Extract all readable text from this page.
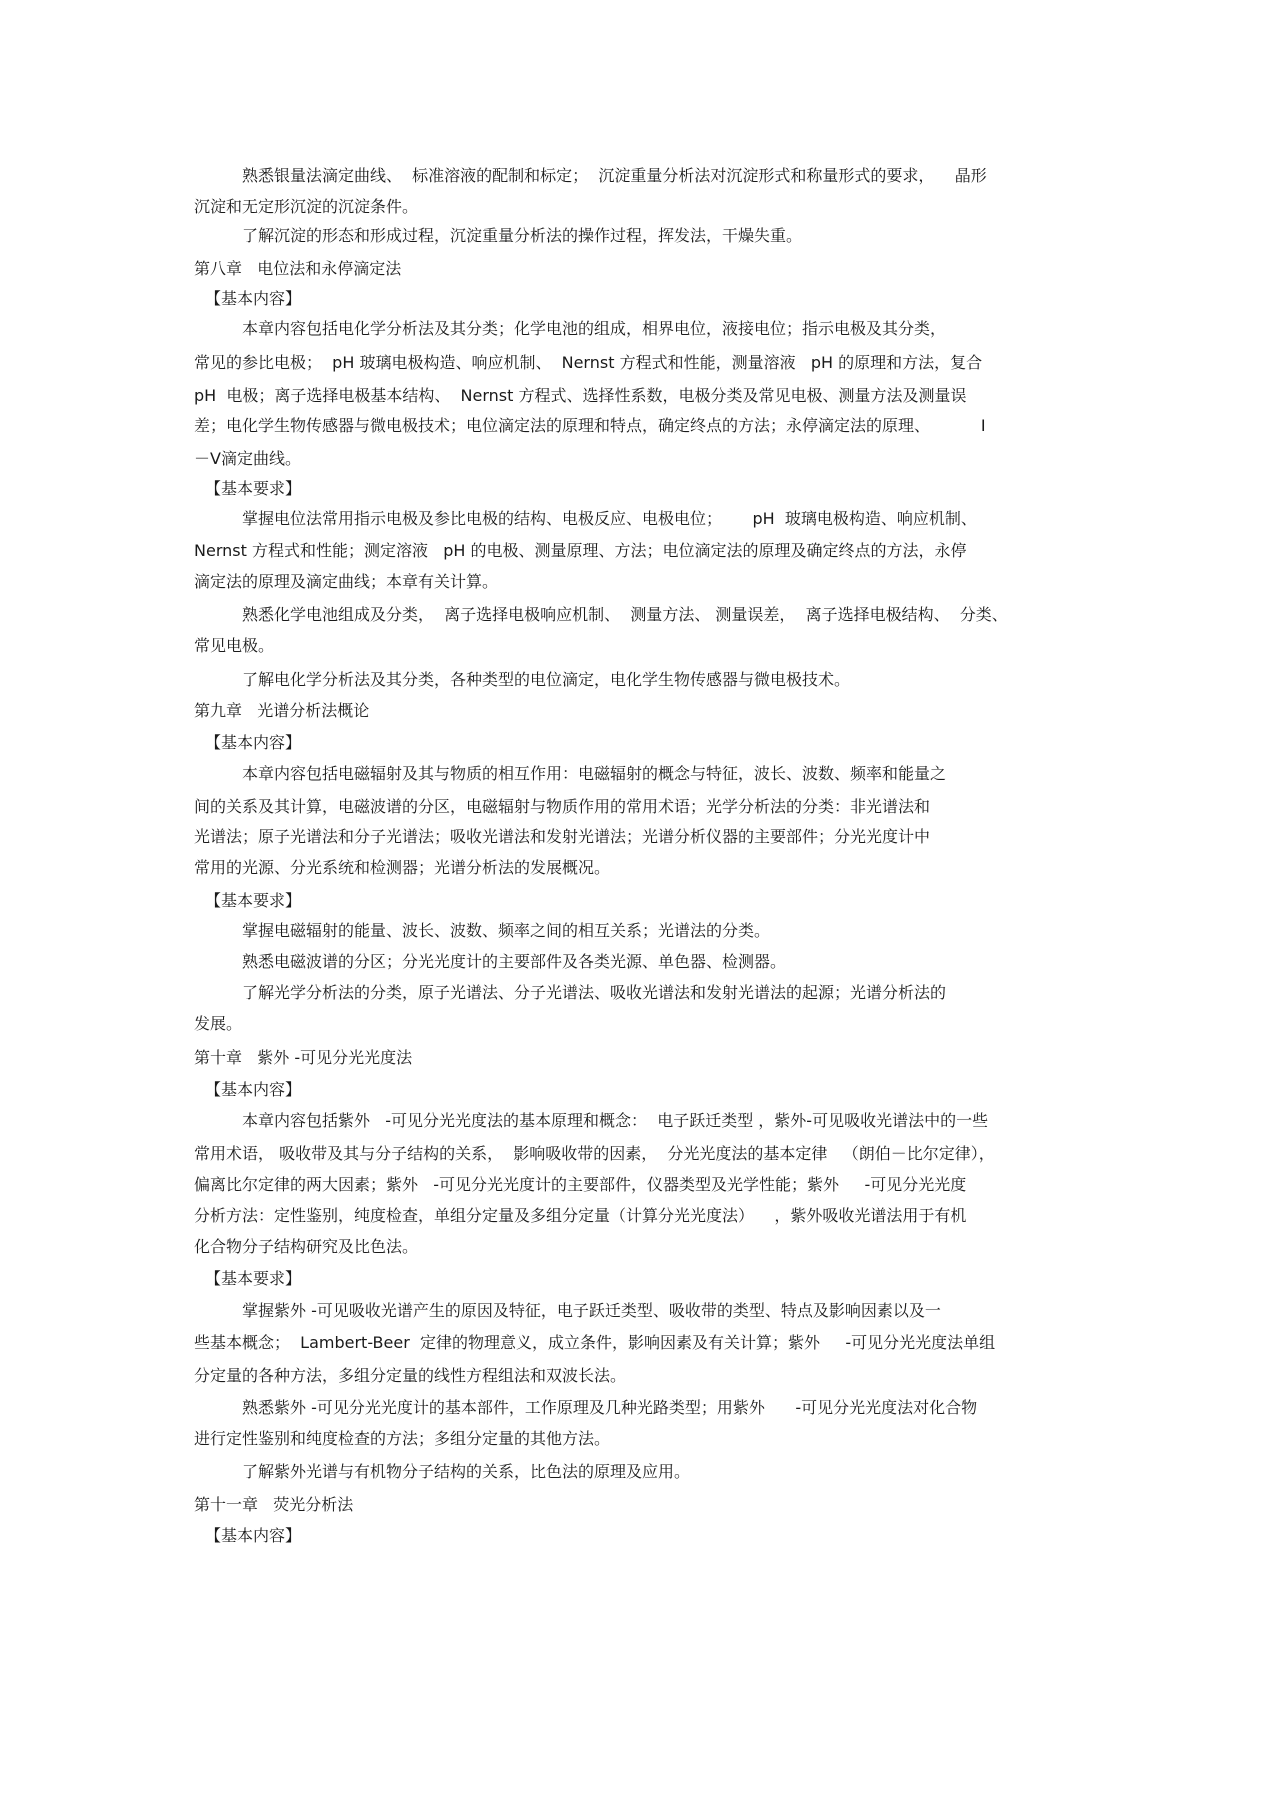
熟悉银量法滴定曲线、  标准溶液的配制和标定；  沉淀重量分析法对沉淀形式和称量形式的要求，    晶形

沉淀和无定形沉淀的沉淀条件。

了解沉淀的形态和形成过程，沉淀重量分析法的操作过程，挥发法，干燥失重。

第八章   电位法和永停滴定法

【基本内容】

本章内容包括电化学分析法及其分类；化学电池的组成，相界电位，液接电位；指示电极及其分类，

常见的参比电极；  pH 玻璃电极构造、响应机制、  Nernst 方程式和性能，测量溶液   pH 的原理和方法，复合

pH  电极；离子选择电极基本结构、  Nernst 方程式、选择性系数，电极分类及常见电极、测量方法及测量误

差；电化学生物传感器与微电极技术；电位滴定法的原理和特点，确定终点的方法；永停滴定法的原理、          I

－V滴定曲线。

【基本要求】

掌握电位法常用指示电极及参比电极的结构、电极反应、电极电位；      pH  玻璃电极构造、响应机制、

Nernst 方程式和性能；测定溶液   pH 的电极、测量原理、方法；电位滴定法的原理及确定终点的方法，永停

滴定法的原理及滴定曲线；本章有关计算。

熟悉化学电池组成及分类，  离子选择电极响应机制、  测量方法、 测量误差，  离子选择电极结构、  分类、

常见电极。

了解电化学分析法及其分类，各种类型的电位滴定，电化学生物传感器与微电极技术。

第九章   光谱分析法概论

【基本内容】

本章内容包括电磁辐射及其与物质的相互作用：电磁辐射的概念与特征，波长、波数、频率和能量之

间的关系及其计算，电磁波谱的分区，电磁辐射与物质作用的常用术语；光学分析法的分类：非光谱法和

光谱法；原子光谱法和分子光谱法；吸收光谱法和发射光谱法；光谱分析仪器的主要部件；分光光度计中

常用的光源、分光系统和检测器；光谱分析法的发展概况。

【基本要求】

掌握电磁辐射的能量、波长、波数、频率之间的相互关系；光谱法的分类。

熟悉电磁波谱的分区；分光光度计的主要部件及各类光源、单色器、检测器。

了解光学分析法的分类，原子光谱法、分子光谱法、吸收光谱法和发射光谱法的起源；光谱分析法的

发展。

第十章   紫外 -可见分光光度法

【基本内容】

本章内容包括紫外   -可见分光光度法的基本原理和概念：  电子跃迁类型 ，紫外-可见吸收光谱法中的一些

常用术语， 吸收带及其与分子结构的关系，  影响吸收带的因素，  分光光度法的基本定律   （朗伯－比尔定律），

偏离比尔定律的两大因素；紫外   -可见分光光度计的主要部件，仪器类型及光学性能；紫外     -可见分光光度

分析方法：定性鉴别，纯度检查，单组分定量及多组分定量（计算分光光度法）    ，紫外吸收光谱法用于有机

化合物分子结构研究及比色法。

【基本要求】

掌握紫外 -可见吸收光谱产生的原因及特征，电子跃迁类型、吸收带的类型、特点及影响因素以及一

些基本概念；  Lambert-Beer  定律的物理意义，成立条件，影响因素及有关计算；紫外     -可见分光光度法单组

分定量的各种方法，多组分定量的线性方程组法和双波长法。

熟悉紫外 -可见分光光度计的基本部件，工作原理及几种光路类型；用紫外      -可见分光光度法对化合物

进行定性鉴别和纯度检查的方法；多组分定量的其他方法。

了解紫外光谱与有机物分子结构的关系，比色法的原理及应用。

第十一章   荧光分析法

【基本内容】
